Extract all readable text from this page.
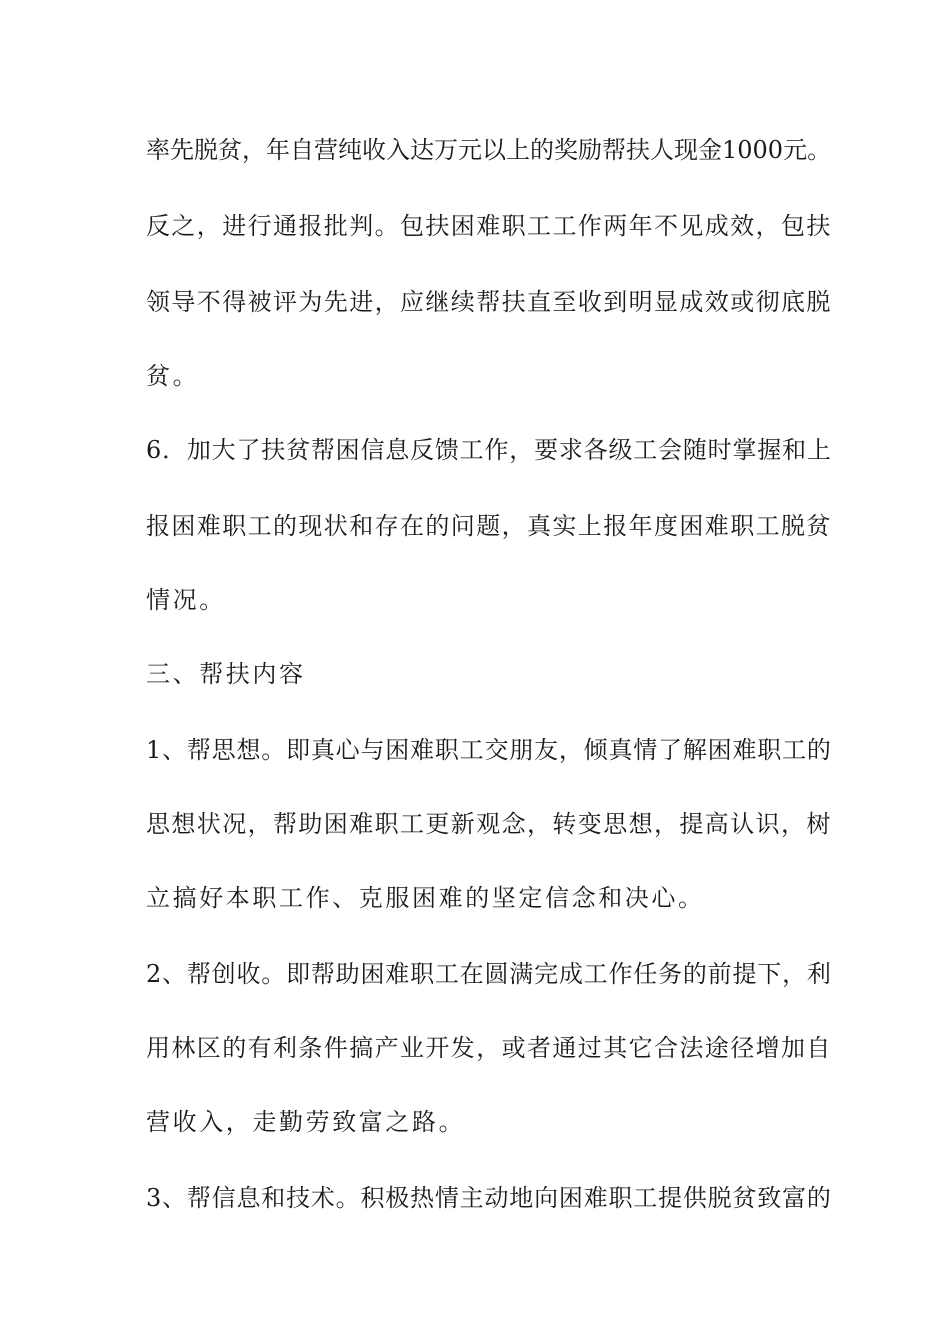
率先脱贫，年自营纯收入达万元以上的奖励帮扶人现金1000元。
反之，进行通报批判。包扶困难职工工作两年不见成效，包扶
领导不得被评为先进，应继续帮扶直至收到明显成效或彻底脱
贫。
6．加大了扶贫帮困信息反馈工作，要求各级工会随时掌握和上
报困难职工的现状和存在的问题，真实上报年度困难职工脱贫
情况。
三、帮扶内容
1、帮思想。即真心与困难职工交朋友，倾真情了解困难职工的
思想状况，帮助困难职工更新观念，转变思想，提高认识，树
立搞好本职工作、克服困难的坚定信念和决心。
2、帮创收。即帮助困难职工在圆满完成工作任务的前提下，利
用林区的有利条件搞产业开发，或者通过其它合法途径增加自
营收入，走勤劳致富之路。
3、帮信息和技术。积极热情主动地向困难职工提供脱贫致富的
